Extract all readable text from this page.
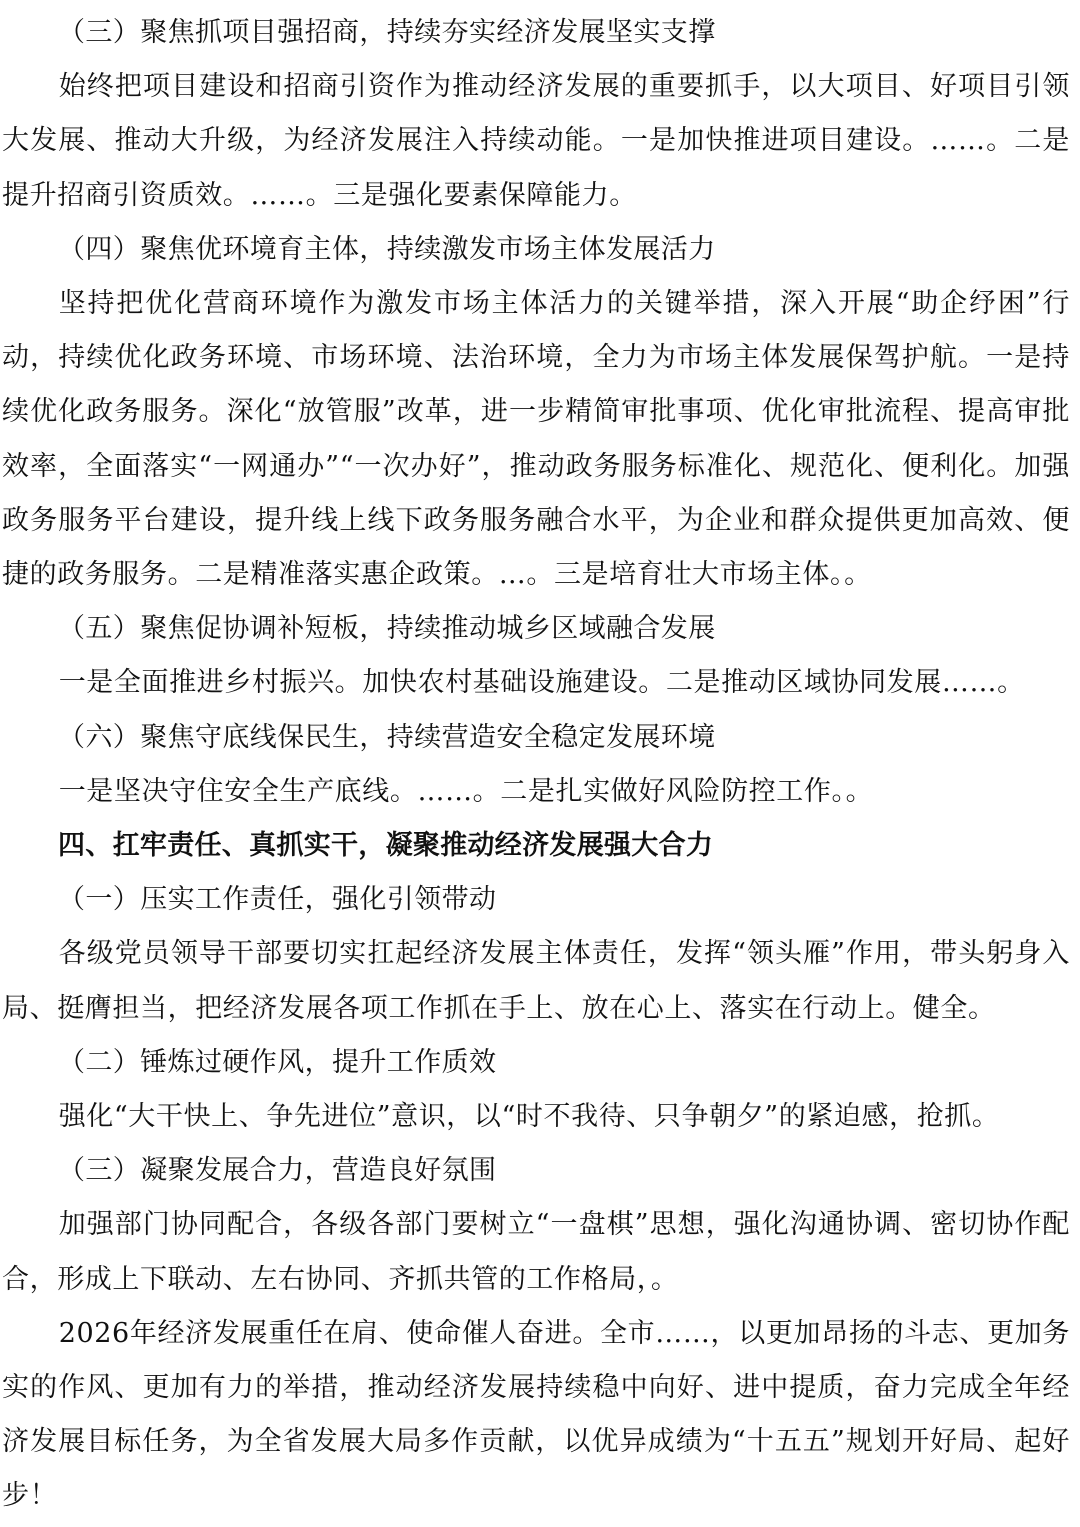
（三）聚焦抓项目强招商，持续夯实经济发展坚实支撑
始终把项目建设和招商引资作为推动经济发展的重要抓手，以大项目、好项目引领大发展、推动大升级，为经济发展注入持续动能。一是加快推进项目建设。……。二是提升招商引资质效。……。三是强化要素保障能力。
（四）聚焦优环境育主体，持续激发市场主体发展活力
坚持把优化营商环境作为激发市场主体活力的关键举措，深入开展“助企纾困”行动，持续优化政务环境、市场环境、法治环境，全力为市场主体发展保驾护航。一是持续优化政务服务。深化“放管服”改革，进一步精简审批事项、优化审批流程、提高审批效率，全面落实“一网通办”“一次办好”，推动政务服务标准化、规范化、便利化。加强政务服务平台建设，提升线上线下政务服务融合水平，为企业和群众提供更加高效、便捷的政务服务。二是精准落实惠企政策。…。三是培育壮大市场主体。。
（五）聚焦促协调补短板，持续推动城乡区域融合发展
一是全面推进乡村振兴。加快农村基础设施建设。二是推动区域协同发展……。
（六）聚焦守底线保民生，持续营造安全稳定发展环境
一是坚决守住安全生产底线。……。二是扎实做好风险防控工作。。
四、扛牢责任、真抓实干，凝聚推动经济发展强大合力
（一）压实工作责任，强化引领带动
各级党员领导干部要切实扛起经济发展主体责任，发挥“领头雁”作用，带头躬身入局、挺膺担当，把经济发展各项工作抓在手上、放在心上、落实在行动上。健全。
（二）锤炼过硬作风，提升工作质效
强化“大干快上、争先进位”意识，以“时不我待、只争朝夕”的紧迫感，抢抓。
（三）凝聚发展合力，营造良好氛围
加强部门协同配合，各级各部门要树立“一盘棋”思想，强化沟通协调、密切协作配合，形成上下联动、左右协同、齐抓共管的工作格局，。
2026年经济发展重任在肩、使命催人奋进。全市……，以更加昂扬的斗志、更加务实的作风、更加有力的举措，推动经济发展持续稳中向好、进中提质，奋力完成全年经济发展目标任务，为全省发展大局多作贡献，以优异成绩为“十五五”规划开好局、起好步！
